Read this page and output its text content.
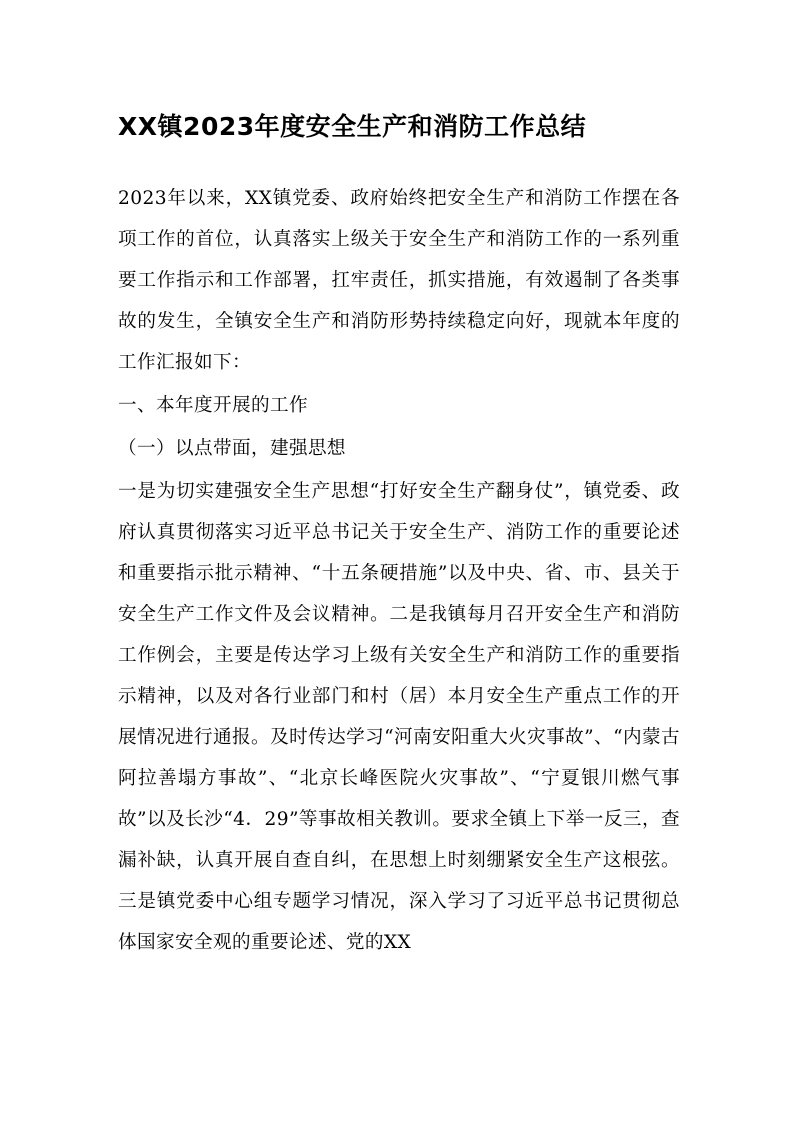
XX镇2023年度安全生产和消防工作总结

2023年以来，XX镇党委、政府始终把安全生产和消防工作摆在各项工作的首位，认真落实上级关于安全生产和消防工作的一系列重要工作指示和工作部署，扛牢责任，抓实措施，有效遏制了各类事故的发生，全镇安全生产和消防形势持续稳定向好，现就本年度的工作汇报如下：

一、本年度开展的工作

（一）以点带面，建强思想

一是为切实建强安全生产思想“打好安全生产翻身仗”，镇党委、政府认真贯彻落实习近平总书记关于安全生产、消防工作的重要论述和重要指示批示精神、“十五条硬措施”以及中央、省、市、县关于安全生产工作文件及会议精神。二是我镇每月召开安全生产和消防工作例会，主要是传达学习上级有关安全生产和消防工作的重要指示精神，以及对各行业部门和村（居）本月安全生产重点工作的开展情况进行通报。及时传达学习“河南安阳重大火灾事故”、“内蒙古阿拉善塌方事故”、“北京长峰医院火灾事故”、“宁夏银川燃气事故”以及长沙“4．29”等事故相关教训。要求全镇上下举一反三，查漏补缺，认真开展自查自纠，在思想上时刻绷紧安全生产这根弦。三是镇党委中心组专题学习情况，深入学习了习近平总书记贯彻总体国家安全观的重要论述、党的XX
